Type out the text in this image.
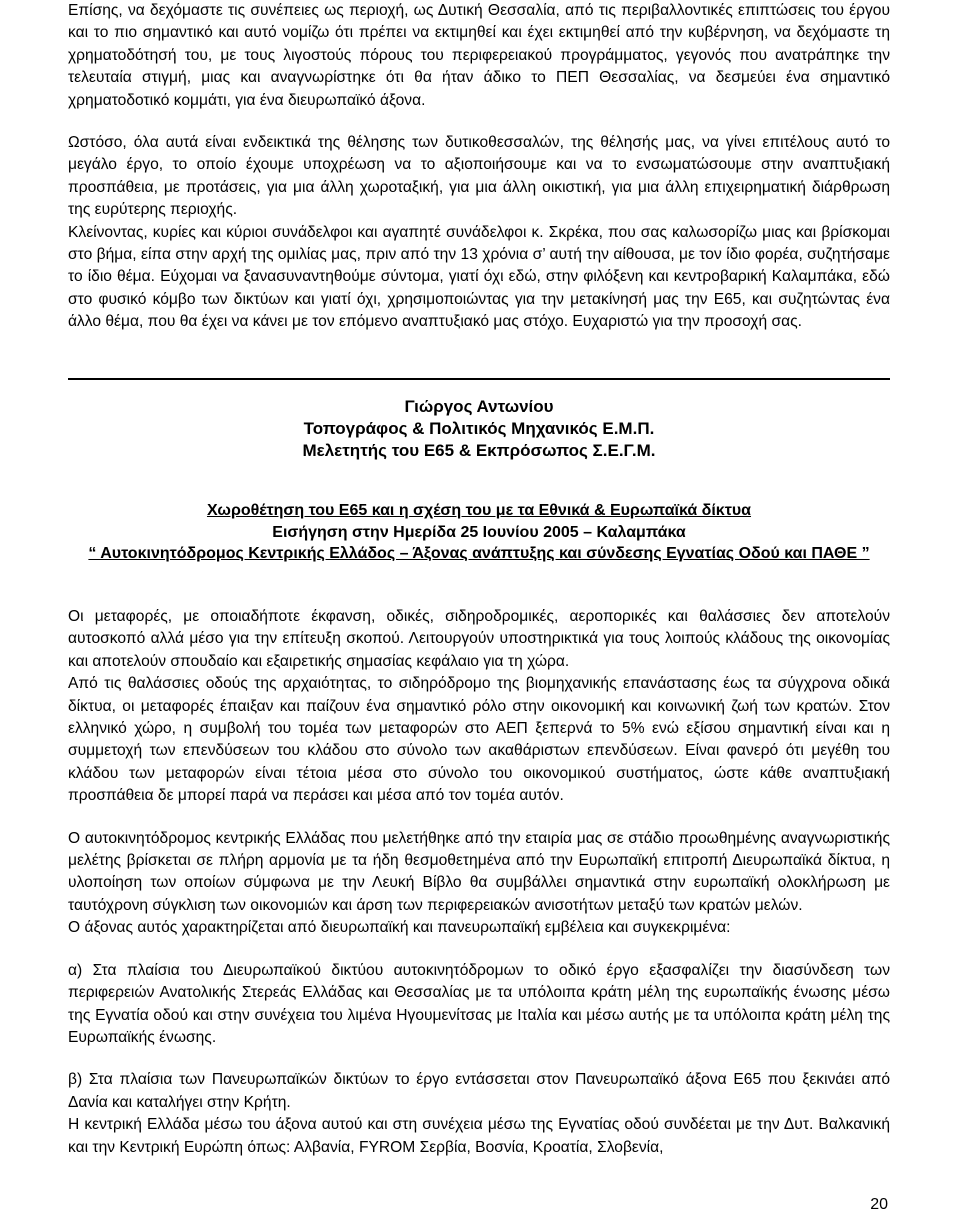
Επίσης, να δεχόμαστε τις συνέπειες ως περιοχή, ως Δυτική Θεσσαλία, από τις περιβαλλοντικές επιπτώσεις του έργου και το πιο σημαντικό και αυτό νομίζω ότι πρέπει να εκτιμηθεί και έχει εκτιμηθεί από την κυβέρνηση, να δεχόμαστε τη χρηματοδότησή του, με τους λιγοστούς πόρους του περιφερειακού προγράμματος, γεγονός που ανατράπηκε την τελευταία στιγμή, μιας και αναγνωρίστηκε ότι θα ήταν άδικο το ΠΕΠ Θεσσαλίας, να δεσμεύει ένα σημαντικό χρηματοδοτικό κομμάτι, για ένα διευρωπαϊκό άξονα.

Ωστόσο, όλα αυτά είναι ενδεικτικά της θέλησης των δυτικοθεσσαλών, της θέλησής μας, να γίνει επιτέλους αυτό το μεγάλο έργο, το οποίο έχουμε υποχρέωση να το αξιοποιήσουμε και να το ενσωματώσουμε στην αναπτυξιακή προσπάθεια, με προτάσεις, για μια άλλη χωροταξική, για μια άλλη οικιστική, για μια άλλη επιχειρηματική διάρθρωση της ευρύτερης περιοχής.

Κλείνοντας, κυρίες και κύριοι συνάδελφοι και αγαπητέ συνάδελφοι κ. Σκρέκα, που σας καλωσορίζω μιας και βρίσκομαι στο βήμα, είπα στην αρχή της ομιλίας μας, πριν από την 13 χρόνια σ’ αυτή την αίθουσα, με τον ίδιο φορέα, συζητήσαμε το ίδιο θέμα. Εύχομαι να ξανασυναντηθούμε σύντομα, γιατί όχι εδώ, στην φιλόξενη και κεντροβαρική Καλαμπάκα, εδώ στο φυσικό κόμβο των δικτύων και γιατί όχι, χρησιμοποιώντας για την μετακίνησή μας την Ε65, και συζητώντας ένα άλλο θέμα, που θα έχει να κάνει με τον επόμενο αναπτυξιακό μας στόχο. Ευχαριστώ για την προσοχή σας.

Γιώργος Αντωνίου
Τοπογράφος & Πολιτικός Μηχανικός Ε.Μ.Π.
Μελετητής του Ε65 & Εκπρόσωπος Σ.Ε.Γ.Μ.
Χωροθέτηση του Ε65 και η σχέση του με τα Εθνικά & Ευρωπαϊκά δίκτυα
Εισήγηση στην Ημερίδα 25 Ιουνίου 2005 – Καλαμπάκα
“ Αυτοκινητόδρομος Κεντρικής Ελλάδος – Άξονας ανάπτυξης και σύνδεσης Εγνατίας Οδού και ΠΑΘΕ ”

Οι μεταφορές, με οποιαδήποτε έκφανση, οδικές, σιδηροδρομικές, αεροπορικές και θαλάσσιες δεν αποτελούν αυτοσκοπό αλλά μέσο για την επίτευξη σκοπού. Λειτουργούν υποστηρικτικά για τους λοιπούς κλάδους της οικονομίας και αποτελούν σπουδαίο και εξαιρετικής σημασίας κεφάλαιο για τη χώρα.

Από τις θαλάσσιες οδούς της αρχαιότητας, το σιδηρόδρομο της βιομηχανικής επανάστασης έως τα σύγχρονα οδικά δίκτυα, οι μεταφορές έπαιξαν και παίζουν ένα σημαντικό ρόλο στην οικονομική και κοινωνική ζωή των κρατών. Στον ελληνικό χώρο, η συμβολή του τομέα των μεταφορών στο ΑΕΠ ξεπερνά το 5% ενώ εξίσου σημαντική είναι και η συμμετοχή των επενδύσεων του κλάδου στο σύνολο των ακαθάριστων επενδύσεων. Είναι φανερό ότι μεγέθη του κλάδου των μεταφορών είναι τέτοια μέσα στο σύνολο του οικονομικού συστήματος, ώστε κάθε αναπτυξιακή προσπάθεια δε μπορεί παρά να περάσει και μέσα από τον τομέα αυτόν.

Ο αυτοκινητόδρομος κεντρικής Ελλάδας που μελετήθηκε από την εταιρία μας σε στάδιο προωθημένης αναγνωριστικής μελέτης βρίσκεται σε πλήρη αρμονία με τα ήδη θεσμοθετημένα από την Ευρωπαϊκή επιτροπή Διευρωπαϊκά δίκτυα, η υλοποίηση των οποίων σύμφωνα με την Λευκή Βίβλο θα συμβάλλει σημαντικά στην ευρωπαϊκή ολοκλήρωση με ταυτόχρονη σύγκλιση των οικονομιών και άρση των περιφερειακών ανισοτήτων μεταξύ των κρατών μελών.

Ο άξονας αυτός χαρακτηρίζεται από διευρωπαϊκή και πανευρωπαϊκή εμβέλεια και συγκεκριμένα:

α) Στα πλαίσια του Διευρωπαϊκού δικτύου αυτοκινητόδρομων το οδικό έργο εξασφαλίζει την διασύνδεση των περιφερειών Ανατολικής Στερεάς Ελλάδας και Θεσσαλίας με τα υπόλοιπα κράτη μέλη της ευρωπαϊκής ένωσης μέσω της Εγνατία οδού και στην συνέχεια του λιμένα Ηγουμενίτσας με Ιταλία και μέσω αυτής με τα υπόλοιπα κράτη μέλη της Ευρωπαϊκής ένωσης.

β) Στα πλαίσια των Πανευρωπαϊκών δικτύων το έργο εντάσσεται στον Πανευρωπαϊκό άξονα Ε65 που ξεκινάει από Δανία και καταλήγει στην Κρήτη.

Η κεντρική Ελλάδα μέσω του άξονα αυτού και στη συνέχεια μέσω της Εγνατίας οδού συνδέεται με την Δυτ. Βαλκανική και την Κεντρική Ευρώπη όπως: Αλβανία, FYROM Σερβία, Βοσνία, Κροατία, Σλοβενία,

20
